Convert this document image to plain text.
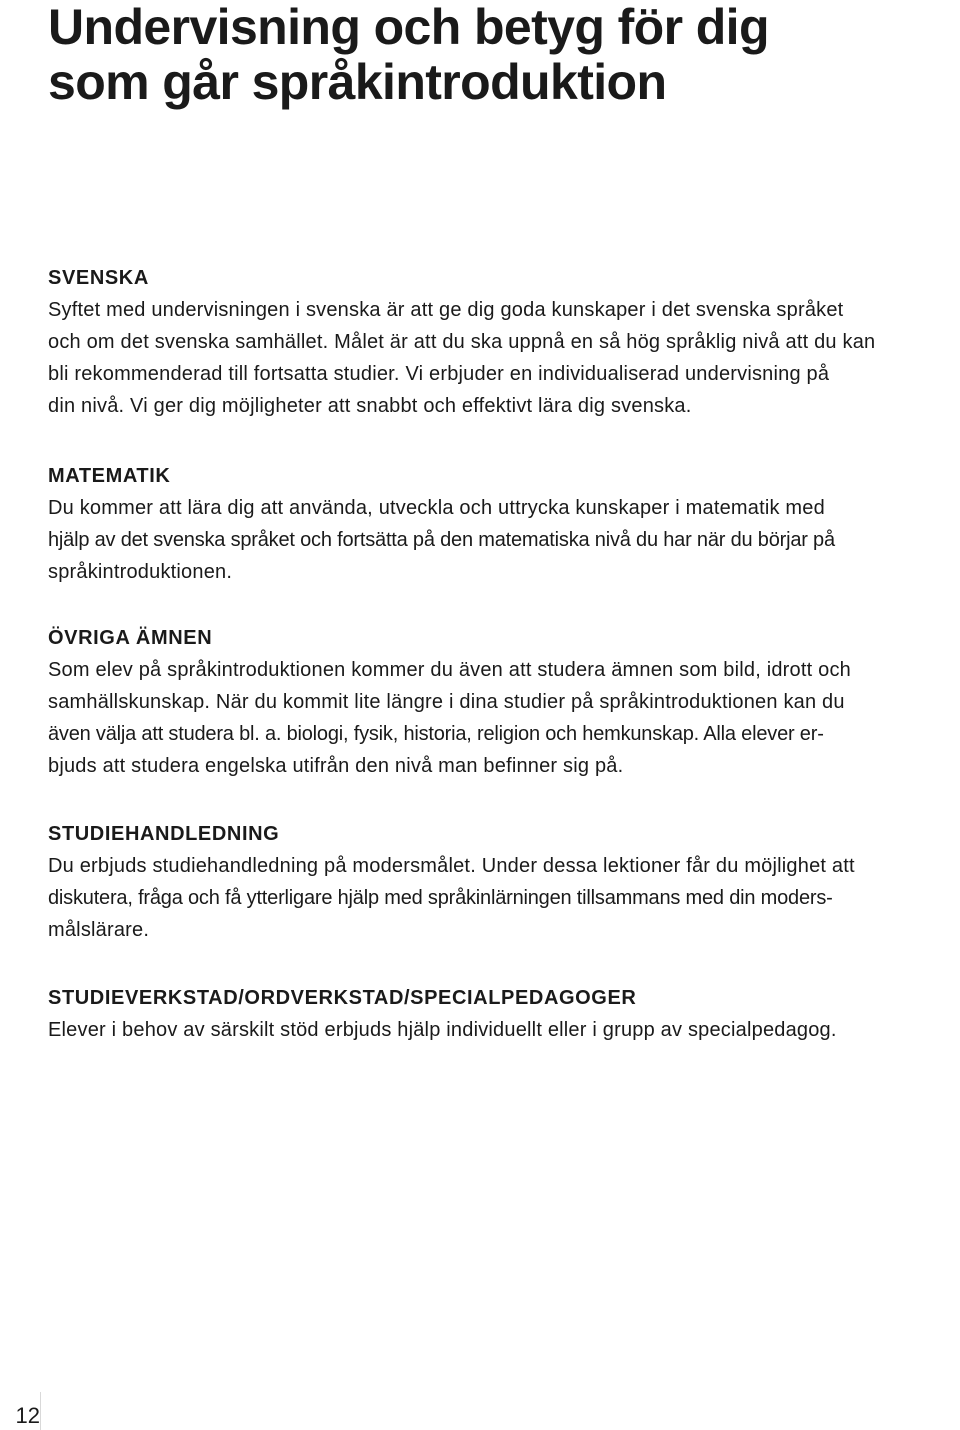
Undervisning och betyg för dig
som går språkintroduktion
SVENSKA

Syftet med undervisningen i svenska är att ge dig goda kunskaper i det svenska språket
och om det svenska samhället. Målet är att du ska uppnå en så hög språklig nivå att du kan
bli rekommenderad till fortsatta studier. Vi erbjuder en individualiserad undervisning på
din nivå. Vi ger dig möjligheter att snabbt och effektivt lära dig svenska.

MATEMATIK

Du kommer att lära dig att använda, utveckla och uttrycka kunskaper i matematik med
hjälp av det svenska språket och fortsätta på den matematiska nivå du har när du börjar på
språkintroduktionen.

ÖVRIGA ÄMNEN

Som elev på språkintroduktionen kommer du även att studera ämnen som bild, idrott och
samhällskunskap. När du kommit lite längre i dina studier på språkintroduktionen kan du
även välja att studera bl. a. biologi, fysik, historia, religion och hemkunskap. Alla elever er-
bjuds att studera engelska utifrån den nivå man befinner sig på.

STUDIEHANDLEDNING

Du erbjuds studiehandledning på modersmålet. Under dessa lektioner får du möjlighet att
diskutera, fråga och få ytterligare hjälp med språkinlärningen tillsammans med din moders-
målslärare.

STUDIEVERKSTAD/ORDVERKSTAD/SPECIALPEDAGOGER

Elever i behov av särskilt stöd erbjuds hjälp individuellt eller i grupp av specialpedagog.

12
